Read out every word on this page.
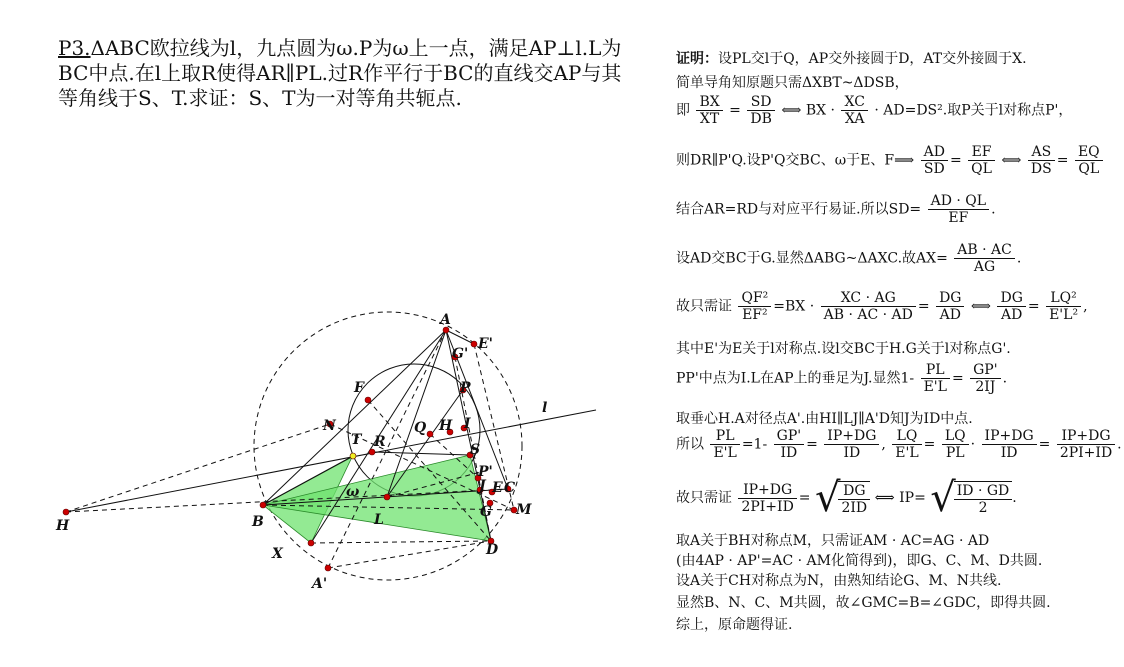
P3.ΔABC欧拉线为l，九点圆为ω.P为ω上一点，满足AP⊥l.L为BC中点.在l上取R使得AR∥PL.过R作平行于BC的直线交AP与其等角线于S、T.求证：S、T为一对等角共轭点.
证明：设PL交l于Q，AP交外接圆于D，AT交外接圆于X.
简单导角知原题只需ΔXBT~ΔDSB，
即 $\frac{BX}{XT} = \frac{SD}{DB}$ ⟺ BX · $\frac{XC}{XA} \cdot AD=DS^2$.取P关于l对称点P'，
则DR∥P'Q.设P'Q交BC、ω于E、F⟹ $\frac{AD}{SD} = \frac{EF}{QL}$ ⟺ $\frac{AS}{DS} = \frac{EQ}{QL}$
结合AR=RD与对应平行易证.所以$SD= \frac{AD \cdot QL}{EF}$ .
设AD交BC于G.显然ΔABG~ΔAXC.故$AX= \frac{AB \cdot AC}{AG}$ .
故只需证 $\frac{\text{QF²}}{\text{EF²}} =BX \cdot \frac{XC \cdot AG}{AB \cdot AC \cdot AD} = \frac{DG}{AD}$ ⟺ $\frac{DG}{AD} = \frac{\text{LQ²}}{\text{E'L²}}$ ,
其中E'为E关于l对称点.设l交BC于H.G关于l对称点G'.
PP'中点为I.L在AP上的垂足为J.显然$1- \frac{PL}{E'L} = \frac{GP'}{2IJ}$ .
取垂心H.A对径点A'.由HI∥LJ∥A'D知J为ID中点.
所以 $\frac{PL}{E'L} =1- \frac{GP'}{ID} = \frac{IP+DG}{ID}$ , $\frac{LQ}{E'L} = \frac{LQ}{PL} \cdot \frac{IP+DG}{ID} = \frac{IP+DG}{2PI+ID}$ .
故只需证 $\frac{IP+DG}{2PI+ID}$ = √
$\frac{DG}{2ID}$ ⟺ IP= √
$\frac{ID \cdot GD}{2}$ .
取A关于BH对称点M，只需证AM · AC=AG · AD
(由4AP · AP'=AC · AM化简得到)，即G、C、M、D共圆.
设A关于CH对称点为N，由熟知结论G、M、N共线.
显然B、N、C、M共圆，故∠GMC=B=∠GDC，即得共圆.
综上，原命题得证.
A
E'
G'
F	P
l
N	Q H I
T R	S
P'
J E C
ω
M
H	B	L	G
X	D
A'
